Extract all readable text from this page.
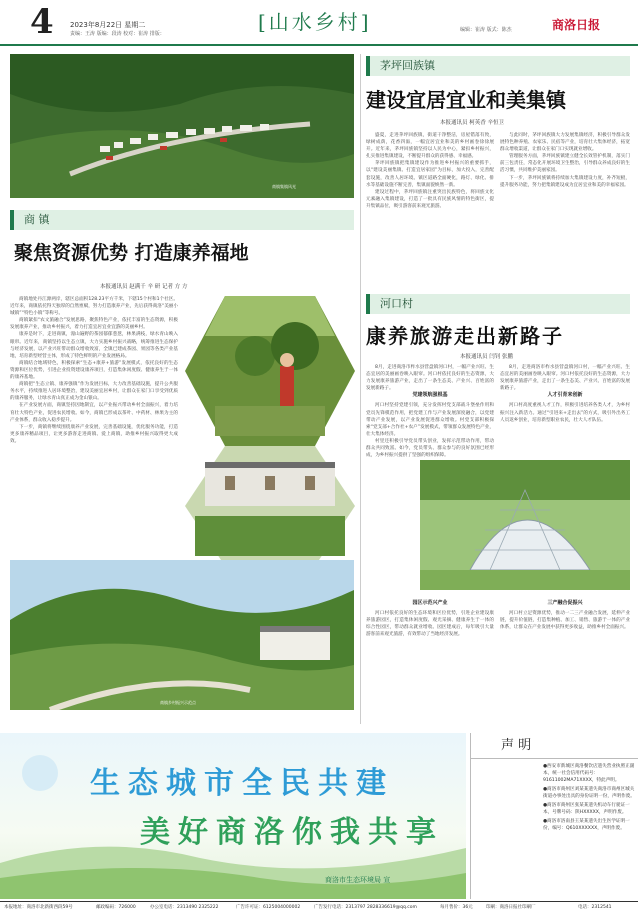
4 2023年8月22日 星期二
责编：王涛 版编：段涛 校对：崔涛 排版：	[山水乡村]	编辑：崔涛 版式：陈杰	商洛日报
商镇集镇风光
商 镇
聚焦资源优势 打造康养福地
本报通讯员 赵满千 辛 研 记者 方 方

商镇地处丹江源两岸，辖区总面积128.23平方千米，下辖15个村和1个社区。近年来，商镇依托得天独厚的自然禀赋，努力打造康养产业，先后获得商洛“美丽小城镇”“特色小镇”等称号。

商镇紧扣“农文旅融合”发展思路，聚焦特色产业，依托丰富的生态资源，积极发展康养产业，推动乡村振兴，着力打造宜居宜业宜游的美丽乡村。

康养是时下，走进商镇，漫山遍野的茶园郁郁葱葱，林果满枝，绿水青山映入眼帘。近年来，商镇坚持以生态立镇，大力实施乡村振兴战略，统筹推进生态保护与经济发展，以产业兴旺带动群众增收致富，全镇已建成茶园、果园等各类产业基地，培育新型经营主体，形成了特色鲜明的产业发展格局。

商镇结合地域特色，积极探索“生态+康养+旅游”发展模式，依托良好的生态资源和区位优势，引进企业投资建设康养项目，打造集休闲度假、健康养生于一体的康养基地。

商镇把“生态立镇、康养强镇”作为发展目标，大力改善基础设施，提升公共服务水平，持续推进人居环境整治，建设美丽宜居乡村，让群众在家门口享受到优质的康养服务，让绿水青山真正成为金山银山。

在产业发展方面，商镇坚持因地制宜，以产业振兴带动乡村全面振兴，着力培育壮大特色产业，促进农民增收。如今，商镇已形成以茶叶、中药材、林果为主的产业体系，群众收入稳步提升。

下一步，商镇将继续围绕康养产业发展，完善基础设施，优化服务功能，打造更多康养精品项目，让更多游客走进商镇、爱上商镇，助推乡村振兴取得更大成效。

商镇乡村振兴示范点
茅坪回族镇
建设宜居宜业和美集镇
本报通讯员 柯英香 辛恒卫

盛夏，走进茅坪回族镇，街道干净整洁，房屋错落有致，绿树成荫，花香四溢，一幅宜居宜业和美的乡村画卷徐徐展开。近年来，茅坪回族镇坚持以人民为中心，紧扣乡村振兴，扎实推进集镇建设，不断提升群众的获得感、幸福感。

茅坪回族镇把集镇建设作为推进乡村振兴的重要抓手，以“建设美丽集镇、打造宜居家园”为目标，加大投入，完善配套设施，改善人居环境。镇区道路全面硬化，路灯、绿化、排水等基础设施不断完善，集镇面貌焕然一新。

建设过程中，茅坪回族镇注重突出民族特色，将回族文化元素融入集镇建设，打造了一批具有民族风情的特色街区，提升集镇品位，吸引游客前来观光旅游。

与此同时，茅坪回族镇大力发展集镇经济，积极引导群众发展特色种养殖、农家乐、民宿等产业，培育壮大集体经济，拓宽群众增收渠道，让群众在家门口实现就业增收。

管理服务方面，茅坪回族镇建立健全长效管护机制，落实门前三包责任，常态化开展环境卫生整治，引导群众养成良好的生活习惯，共同维护美丽家园。

下一步，茅坪回族镇将持续加大集镇建设力度，补齐短板，提升服务功能，努力把集镇建设成为宜居宜业和美的幸福家园。

河口村
康养旅游走出新路子
本报通讯员 闫钊 张鹏

8月，走进商洛市柞水县营盘镇河口村，一幅产业兴旺、生态宜居的美丽画卷映入眼帘。河口村依托良好的生态资源，大力发展康养旅游产业，走出了一条生态美、产业兴、百姓富的发展新路子。

党建领航强根基

河口村坚持党建引领，充分发挥村党支部战斗堡垒作用和党员先锋模范作用，把党建工作与产业发展深度融合，以党建带动产业发展，以产业发展促进群众增收。村党支部积极探索“党支部+合作社+农户”发展模式，带领群众发展特色产业，壮大集体经济。

村里还积极引导党员带头创业，发挥示范带动作用，带动群众共同致富。如今，党员带头、群众参与的良好氛围已经形成，为乡村振兴提供了坚强的组织保障。

8月，走进商洛市柞水县营盘镇河口村，一幅产业兴旺、生态宜居的美丽画卷映入眼帘。河口村依托良好的生态资源，大力发展康养旅游产业，走出了一条生态美、产业兴、百姓富的发展新路子。

人才引育来创新

河口村高度重视人才工作，积极引进培养各类人才，为乡村振兴注入新活力。通过“引进来+走出去”的方式，吸引外出务工人员返乡创业，培育新型职业农民，壮大人才队伍。

园区示范兴产业

河口村依托良好的生态环境和区位优势，引进企业建设康养旅游园区，打造集休闲度假、观光采摘、健康养生于一体的综合性园区，带动群众就业增收。园区建成后，每年吸引大量游客前来观光旅游，有效带动了当地经济发展。

三产融合促振兴

河口村立足资源优势，推动一二三产业融合发展，延伸产业链，提升价值链，打造集种植、加工、销售、旅游于一体的产业体系，让群众在产业发展中获得更多收益，助推乡村全面振兴。

生态城市全民共建
美好商洛你我共享
商洛市生态环境局 宣
声 明

●西安市新城区商洛餐饮店遗失营业执照正副本，统一社会信用代码号：91611002MA71XXXX，特此声明。

●商洛市商州区刘某某遗失商洛市商州区城关街道办事处出具的身份证明一份，声明作废。

●商洛市商州区张某某遗失机动车行驶证一本，号牌号码：陕HXXXXX，声明作废。

●商洛市洛南县王某某遗失出生医学证明一份，编号：Q610XXXXXX，声明作废。

本报地址：商洛市北新街西段59号	邮政编码：726000	办公室电话：2313490 2325222	广告许可证：6125004000002	广告发行电话：2313797 2828336619@qq.com	每月售价：36元	印刷：商洛日报社印刷厂	电话：2312541
